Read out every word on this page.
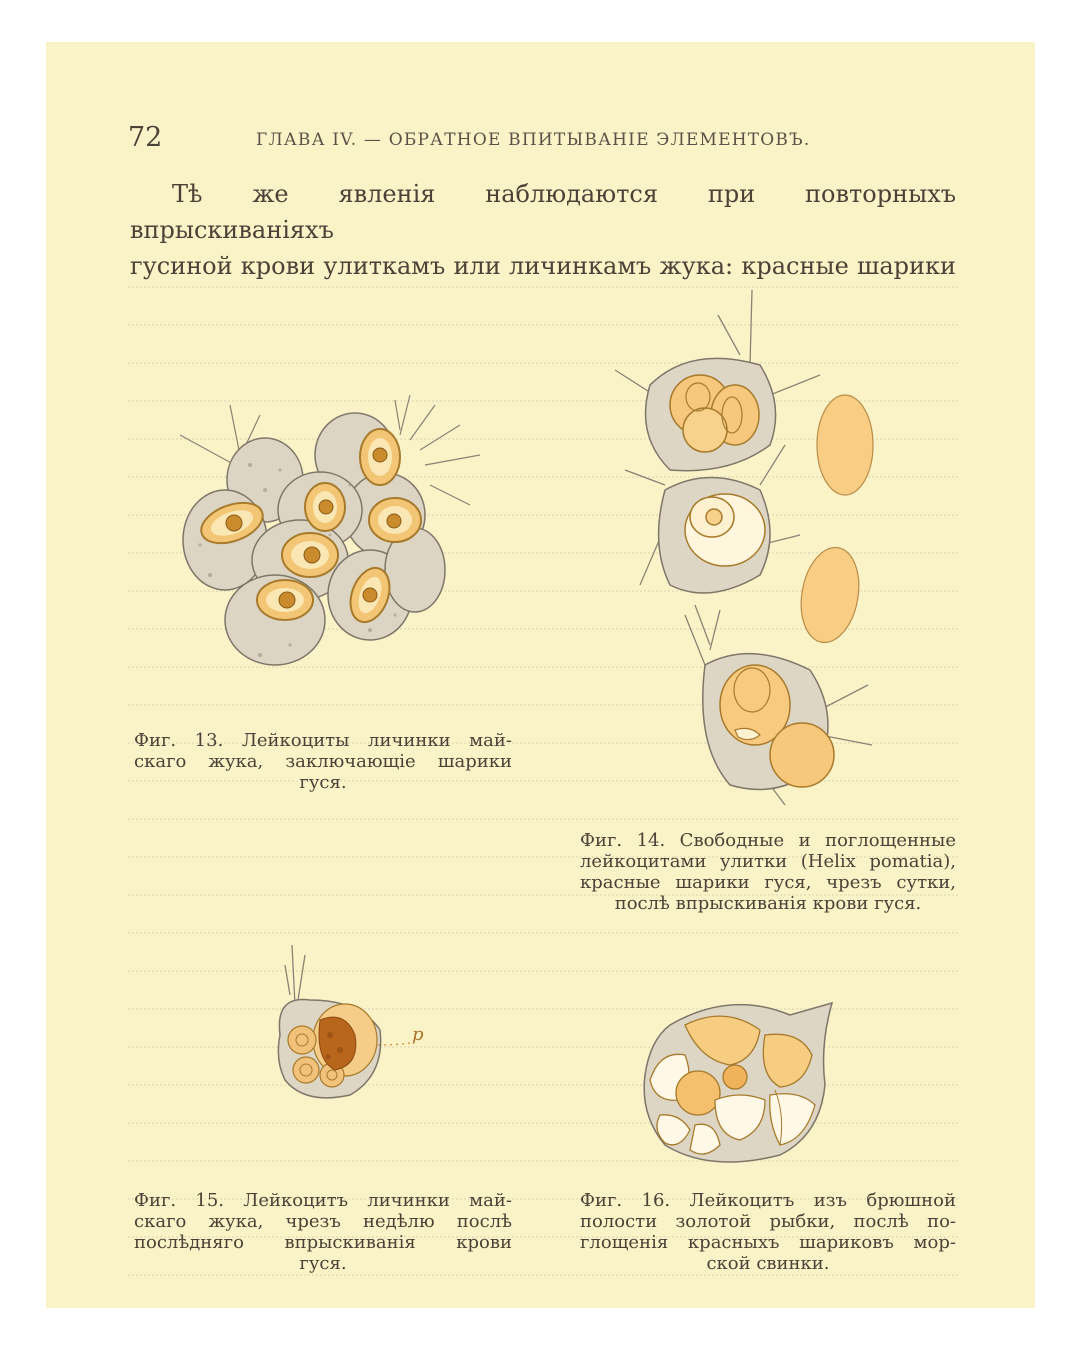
72	ГЛАВА IV. — ОБРАТНОЕ ВПИТЫВАНIЕ ЭЛЕМЕНТОВЪ.
Тѣ же явленія наблюдаются при повторныхъ впрыскиваніяхъ
гусиной крови улиткамъ или личинкамъ жука: красные шарики
p
Фиг. 13. Лейкоциты личинки май-
скаго жука, заключающіе шарики
гуся.
Фиг. 14. Свободные и поглощенные
лейкоцитами улитки (Helix pomatia),
красные шарики гуся, чрезъ сутки,
послѣ впрыскиванія крови гуся.
Фиг. 15. Лейкоцитъ личинки май-
скаго жука, чрезъ недѣлю послѣ
послѣдняго впрыскиванія крови
гуся.
Фиг. 16. Лейкоцитъ изъ брюшной
полости золотой рыбки, послѣ по-
глощенія красныхъ шариковъ мор-
ской свинки.
